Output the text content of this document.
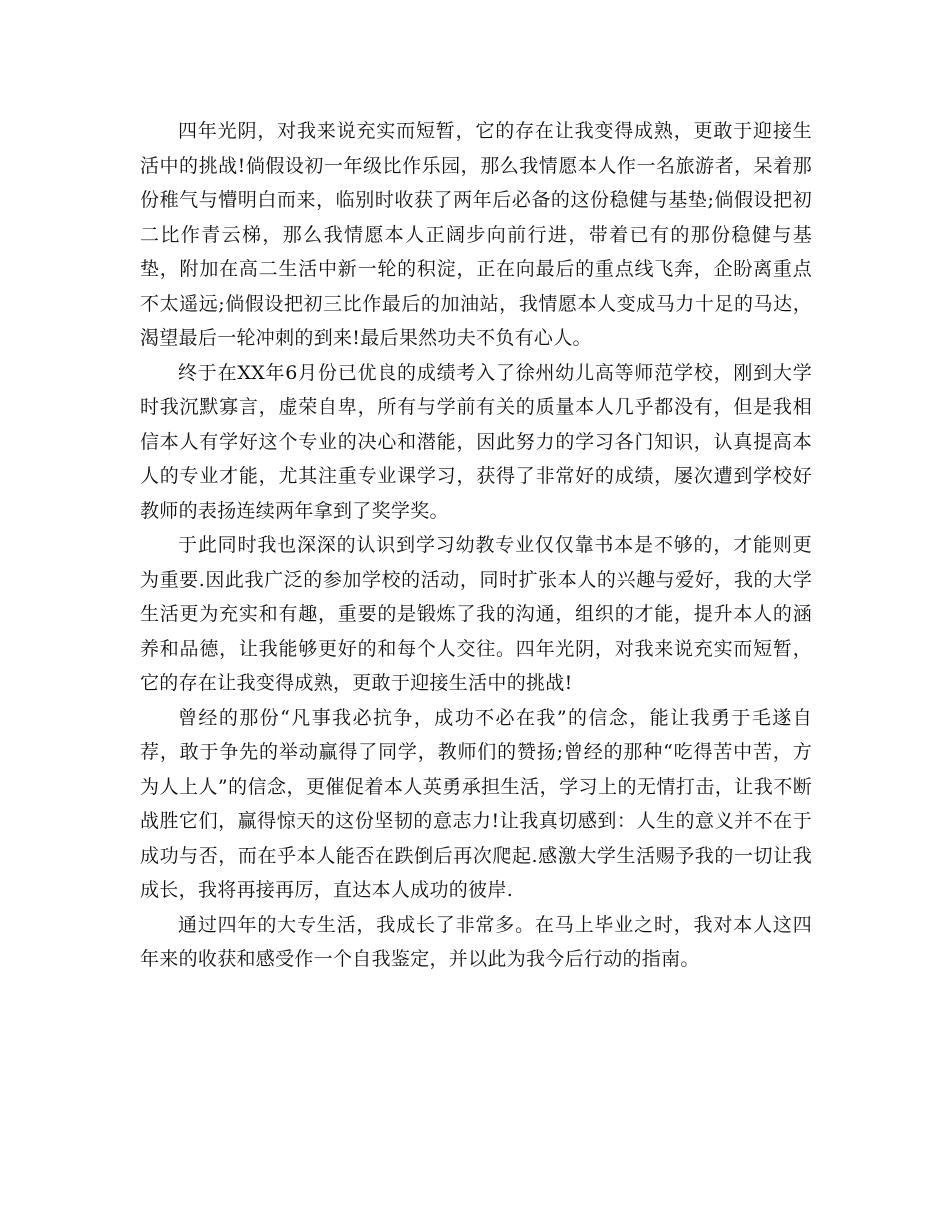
四年光阴，对我来说充实而短暂，它的存在让我变得成熟，更敢于迎接生活中的挑战!倘假设初一年级比作乐园，那么我情愿本人作一名旅游者，呆着那份稚气与懵明白而来，临别时收获了两年后必备的这份稳健与基垫;倘假设把初二比作青云梯，那么我情愿本人正阔步向前行进，带着已有的那份稳健与基垫，附加在高二生活中新一轮的积淀，正在向最后的重点线飞奔，企盼离重点不太遥远;倘假设把初三比作最后的加油站，我情愿本人变成马力十足的马达，渴望最后一轮冲刺的到来!最后果然功夫不负有心人。

终于在XX年6月份已优良的成绩考入了徐州幼儿高等师范学校，刚到大学时我沉默寡言，虚荣自卑，所有与学前有关的质量本人几乎都没有，但是我相信本人有学好这个专业的决心和潜能，因此努力的学习各门知识，认真提高本人的专业才能，尤其注重专业课学习，获得了非常好的成绩，屡次遭到学校好教师的表扬连续两年拿到了奖学奖。

于此同时我也深深的认识到学习幼教专业仅仅靠书本是不够的，才能则更为重要.因此我广泛的参加学校的活动，同时扩张本人的兴趣与爱好，我的大学生活更为充实和有趣，重要的是锻炼了我的沟通，组织的才能，提升本人的涵养和品德，让我能够更好的和每个人交往。四年光阴，对我来说充实而短暂，它的存在让我变得成熟，更敢于迎接生活中的挑战!

曾经的那份“凡事我必抗争，成功不必在我”的信念，能让我勇于毛遂自荐，敢于争先的举动赢得了同学，教师们的赞扬;曾经的那种“吃得苦中苦，方为人上人”的信念，更催促着本人英勇承担生活，学习上的无情打击，让我不断战胜它们，赢得惊天的这份坚韧的意志力!让我真切感到：人生的意义并不在于成功与否，而在乎本人能否在跌倒后再次爬起.感激大学生活赐予我的一切让我成长，我将再接再厉，直达本人成功的彼岸.

通过四年的大专生活，我成长了非常多。在马上毕业之时，我对本人这四年来的收获和感受作一个自我鉴定，并以此为我今后行动的指南。
